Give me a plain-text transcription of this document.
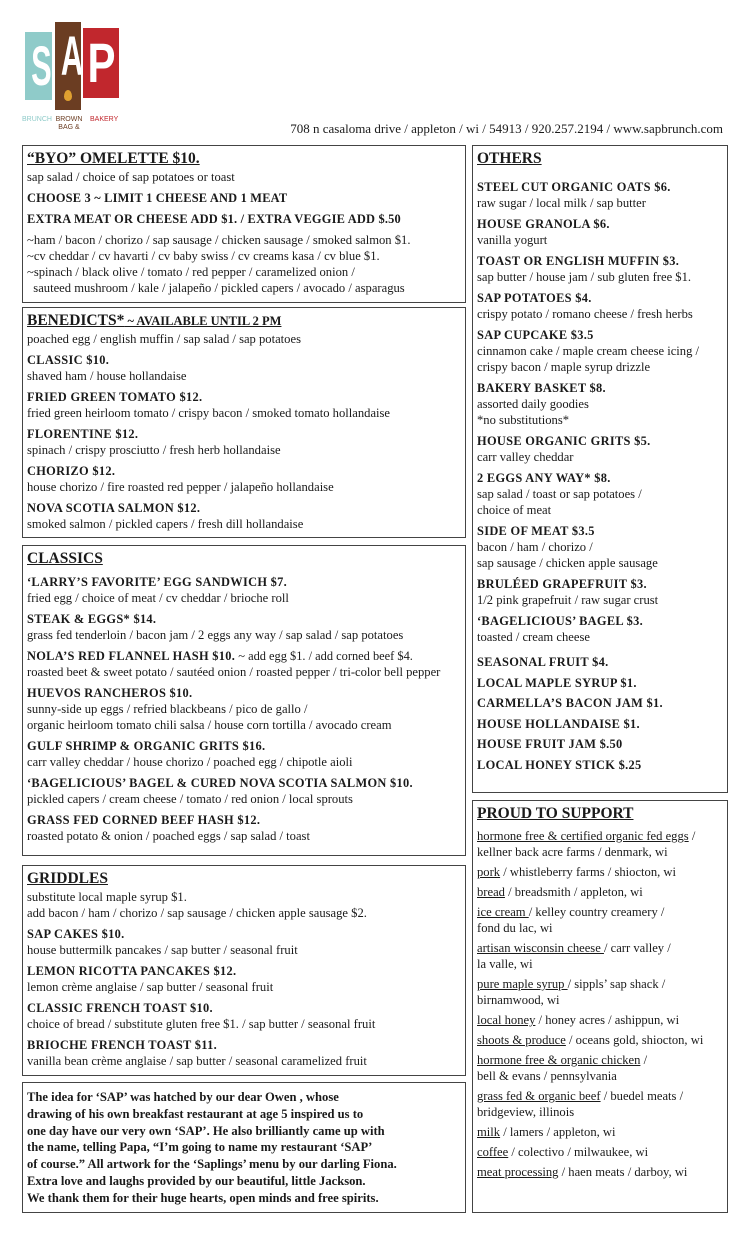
S A P
BRUNCH BROWN BAG &
BAKERY
708 n casaloma drive / appleton / wi / 54913 / 920.257.2194 / www.sapbrunch.com
“BYO” OMELETTE $10.
sap salad / choice of sap potatoes or toast
CHOOSE 3 ~ LIMIT 1 CHEESE AND 1 MEAT
EXTRA MEAT OR CHEESE ADD $1. / EXTRA VEGGIE ADD $.50
~ham / bacon / chorizo / sap sausage / chicken sausage / smoked salmon $1.
~cv cheddar / cv havarti / cv baby swiss / cv creams kasa / cv blue $1.
~spinach / black olive / tomato / red pepper / caramelized onion /
sauteed mushroom / kale / jalapeño / pickled capers / avocado / asparagus
BENEDICTS* ~ AVAILABLE UNTIL 2 PM
poached egg / english muffin / sap salad / sap potatoes
CLASSIC $10.
shaved ham / house hollandaise
FRIED GREEN TOMATO $12.
fried green heirloom tomato / crispy bacon / smoked tomato hollandaise
FLORENTINE $12.
spinach / crispy prosciutto / fresh herb hollandaise
CHORIZO $12.
house chorizo / fire roasted red pepper / jalapeño hollandaise
NOVA SCOTIA SALMON $12.
smoked salmon / pickled capers / fresh dill hollandaise
CLASSICS
‘LARRY’S FAVORITE’ EGG SANDWICH $7.
fried egg / choice of meat / cv cheddar / brioche roll
STEAK & EGGS* $14.
grass fed tenderloin / bacon jam / 2 eggs any way / sap salad / sap potatoes
NOLA’S RED FLANNEL HASH $10. ~ add egg $1. / add corned beef $4.
roasted beet & sweet potato / sautéed onion / roasted pepper / tri-color bell pepper
HUEVOS RANCHEROS $10.
sunny-side up eggs / refried blackbeans / pico de gallo /
organic heirloom tomato chili salsa / house corn tortilla / avocado cream
GULF SHRIMP & ORGANIC GRITS $16.
carr valley cheddar / house chorizo / poached egg / chipotle aioli
‘BAGELICIOUS’ BAGEL & CURED NOVA SCOTIA SALMON $10.
pickled capers / cream cheese / tomato / red onion / local sprouts
GRASS FED CORNED BEEF HASH $12.
roasted potato & onion / poached eggs / sap salad / toast
GRIDDLES
substitute local maple syrup $1.
add bacon / ham / chorizo / sap sausage / chicken apple sausage $2.
SAP CAKES $10.
house buttermilk pancakes / sap butter / seasonal fruit
LEMON RICOTTA PANCAKES $12.
lemon crème anglaise / sap butter / seasonal fruit
CLASSIC FRENCH TOAST $10.
choice of bread / substitute gluten free $1. / sap butter / seasonal fruit
BRIOCHE FRENCH TOAST $11.
vanilla bean crème anglaise / sap butter / seasonal caramelized fruit
The idea for ‘SAP’ was hatched by our dear Owen , whose
drawing of his own breakfast restaurant at age 5 inspired us to
one day have our very own ‘SAP’. He also brilliantly came up with
the name, telling Papa, “I’m going to name my restaurant ‘SAP’
of course.” All artwork for the ‘Saplings’ menu by our darling Fiona.
Extra love and laughs provided by our beautiful, little Jackson.
We thank them for their huge hearts, open minds and free spirits.
OTHERS
STEEL CUT ORGANIC OATS $6.
raw sugar / local milk / sap butter
HOUSE GRANOLA $6.
vanilla yogurt
TOAST OR ENGLISH MUFFIN $3.
sap butter / house jam / sub gluten free $1.
SAP POTATOES $4.
crispy potato / romano cheese / fresh herbs
SAP CUPCAKE $3.5
cinnamon cake / maple cream cheese icing /
crispy bacon / maple syrup drizzle
BAKERY BASKET $8.
assorted daily goodies
*no substitutions*
HOUSE ORGANIC GRITS $5.
carr valley cheddar
2 EGGS ANY WAY* $8.
sap salad / toast or sap potatoes /
choice of meat
SIDE OF MEAT $3.5
bacon / ham / chorizo /
sap sausage / chicken apple sausage
BRULÉED GRAPEFRUIT $3.
1/2 pink grapefruit / raw sugar crust
‘BAGELICIOUS’ BAGEL $3.
toasted / cream cheese
SEASONAL FRUIT $4.
LOCAL MAPLE SYRUP $1.
CARMELLA’S BACON JAM $1.
HOUSE HOLLANDAISE $1.
HOUSE FRUIT JAM $.50
LOCAL HONEY STICK $.25
PROUD TO SUPPORT
hormone free & certified organic fed eggs /
kellner back acre farms / denmark, wi
pork / whistleberry farms / shiocton, wi
bread / breadsmith / appleton, wi
ice cream / kelley country creamery /
fond du lac, wi
artisan wisconsin cheese / carr valley /
la valle, wi
pure maple syrup / sippls’ sap shack /
birnamwood, wi
local honey / honey acres / ashippun, wi
shoots & produce / oceans gold, shiocton, wi
hormone free & organic chicken /
bell & evans / pennsylvania
grass fed & organic beef / buedel meats /
bridgeview, illinois
milk / lamers / appleton, wi
coffee / colectivo / milwaukee, wi
meat processing / haen meats / darboy, wi
